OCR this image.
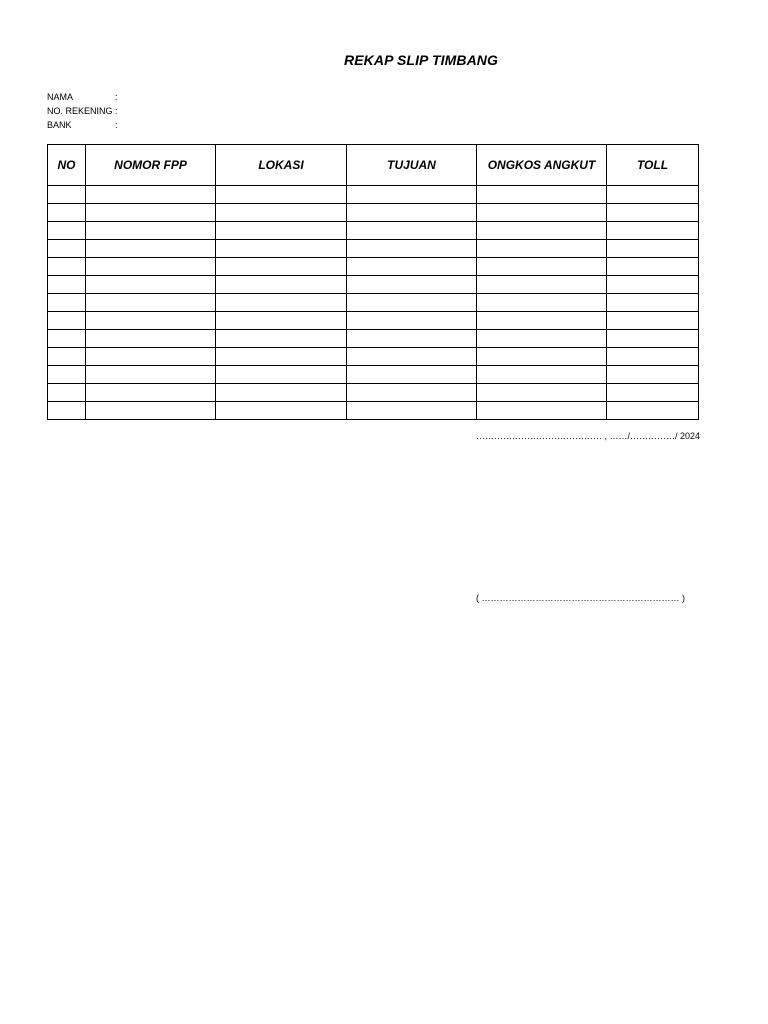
REKAP SLIP TIMBANG
NAMA	:
NO. REKENING :
BANK	:
NO	NOMOR FPP	LOKASI	TUJUAN	ONGKOS ANGKUT	TOLL

…………………………………… , ……/……………/ 2024
( ………………………………………………………… )
